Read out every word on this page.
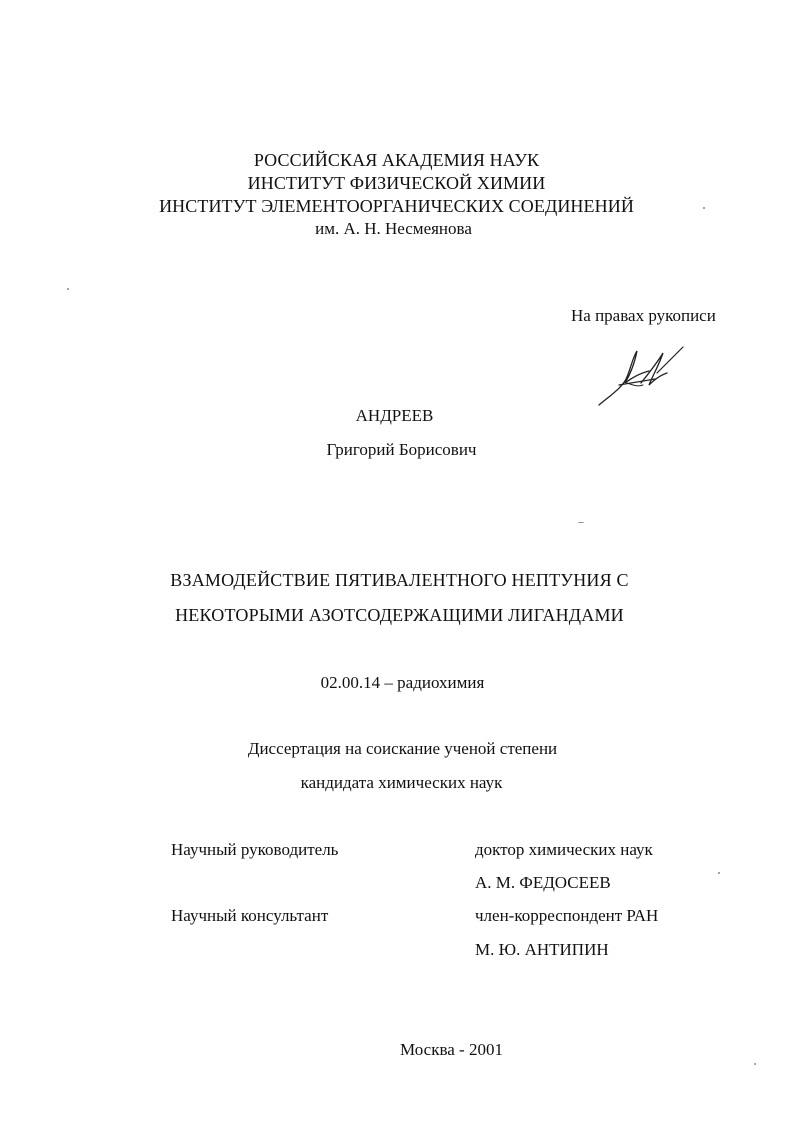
РОССИЙСКАЯ АКАДЕМИЯ НАУК
ИНСТИТУТ ФИЗИЧЕСКОЙ ХИМИИ
ИНСТИТУТ ЭЛЕМЕНТООРГАНИЧЕСКИХ СОЕДИНЕНИЙ
им. А. Н. Несмеянова
На правах рукописи
АНДРЕЕВ
Григорий Борисович
ВЗАМОДЕЙСТВИЕ ПЯТИВАЛЕНТНОГО НЕПТУНИЯ С
НЕКОТОРЫМИ АЗОТСОДЕРЖАЩИМИ ЛИГАНДАМИ
02.00.14 – радиохимия
Диссертация на соискание ученой степени
кандидата химических наук
Научный руководитель	доктор химических наук
А. М. ФЕДОСЕЕВ
Научный консультант	член-корреспондент РАН
М. Ю. АНТИПИН
Москва - 2001
